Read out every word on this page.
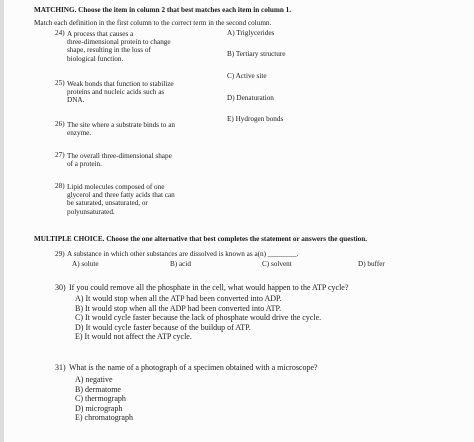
MATCHING. Choose the item in column 2 that best matches each item in column 1.
Match each definition in the first column to the correct term in the second column.
24) A process that causes a
three-dimensional protein to change
shape, resulting in the loss of
biological function.
25) Weak bonds that function to stabilize
proteins and nucleic acids such as
DNA.
26) The site where a substrate binds to an
enzyme.
27) The overall three-dimensional shape
of a protein.
28) Lipid molecules composed of one
glycerol and three fatty acids that can
be saturated, unsaturated, or
polyunsaturated.
A) Triglycerides
B) Tertiary structure
C) Active site
D) Denaturation
E) Hydrogen bonds
MULTIPLE CHOICE. Choose the one alternative that best completes the statement or answers the question.
29) A substance in which other substances are dissolved is known as a(n) ________.
A) solute	B) acid	C) solvent	D) buffer
30) If you could remove all the phosphate in the cell, what would happen to the ATP cycle?
A) It would stop when all the ATP had been converted into ADP.
B) It would stop when all the ADP had been converted into ATP.
C) It would cycle faster because the lack of phosphate would drive the cycle.
D) It would cycle faster because of the buildup of ATP.
E) It would not affect the ATP cycle.
31) What is the name of a photograph of a specimen obtained with a microscope?
A) negative
B) dermatome
C) thermograph
D) micrograph
E) chromatograph
